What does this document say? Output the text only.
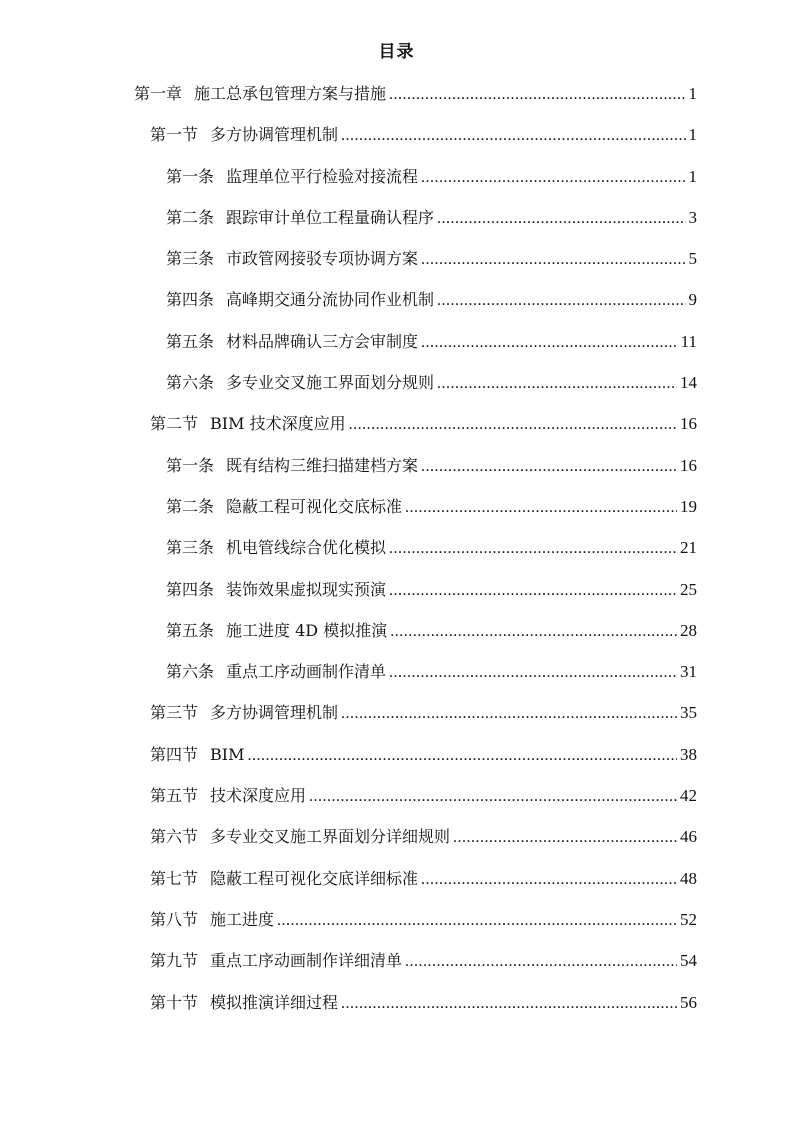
目录
第一章 施工总承包管理方案与措施 .....	1
第一节 多方协调管理机制 .....	1
第一条 监理单位平行检验对接流程 .....	1
第二条 跟踪审计单位工程量确认程序 .....	3
第三条 市政管网接驳专项协调方案 .....	5
第四条 高峰期交通分流协同作业机制 .....	9
第五条 材料品牌确认三方会审制度 .....	11
第六条 多专业交叉施工界面划分规则 .....	14
第二节 BIM 技术深度应用 .....	16
第一条 既有结构三维扫描建档方案 .....	16
第二条 隐蔽工程可视化交底标准 .....	19
第三条 机电管线综合优化模拟 .....	21
第四条 装饰效果虚拟现实预演 .....	25
第五条 施工进度 4D 模拟推演 .....	28
第六条 重点工序动画制作清单 .....	31
第三节 多方协调管理机制 .....	35
第四节 BIM .....	38
第五节 技术深度应用 .....	42
第六节 多专业交叉施工界面划分详细规则 .....	46
第七节 隐蔽工程可视化交底详细标准 .....	48
第八节 施工进度 .....	52
第九节 重点工序动画制作详细清单 .....	54
第十节 模拟推演详细过程 .....	56
